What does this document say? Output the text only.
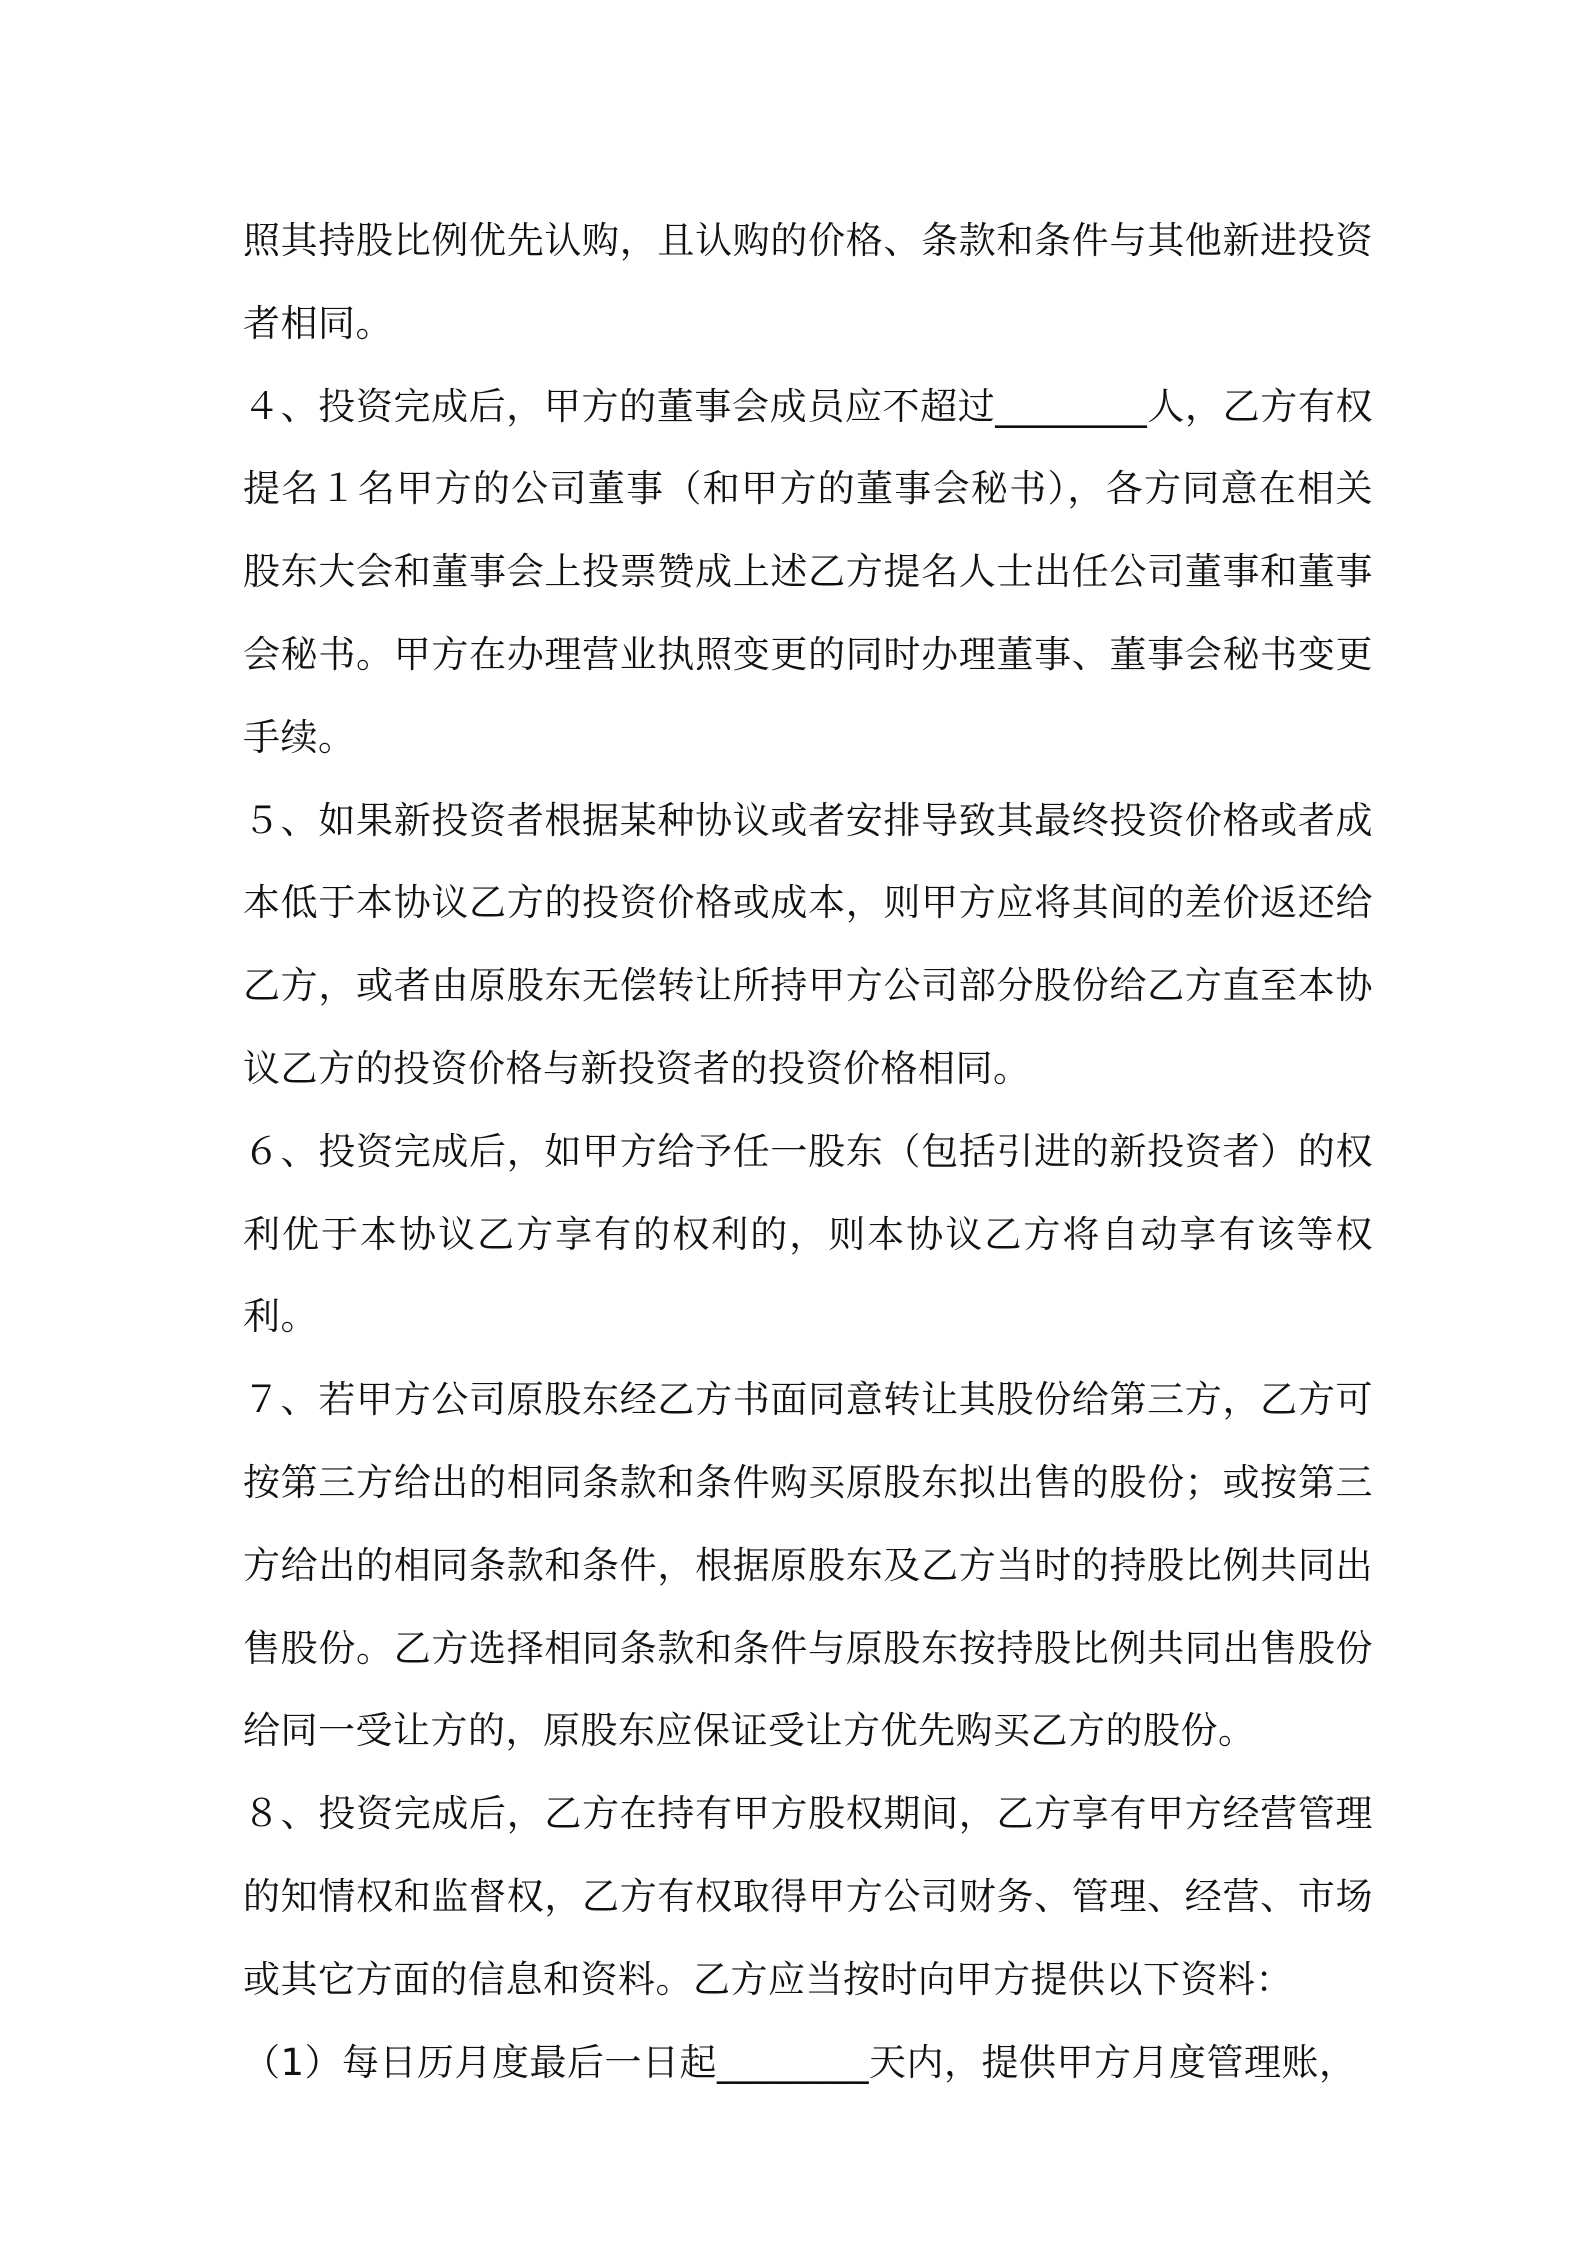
照其持股比例优先认购，且认购的价格、条款和条件与其他新进投资者相同。

４、投资完成后，甲方的董事会成员应不超过________人，乙方有权提名１名甲方的公司董事（和甲方的董事会秘书），各方同意在相关股东大会和董事会上投票赞成上述乙方提名人士出任公司董事和董事会秘书。甲方在办理营业执照变更的同时办理董事、董事会秘书变更手续。

５、如果新投资者根据某种协议或者安排导致其最终投资价格或者成本低于本协议乙方的投资价格或成本，则甲方应将其间的差价返还给乙方，或者由原股东无偿转让所持甲方公司部分股份给乙方直至本协议乙方的投资价格与新投资者的投资价格相同。

６、投资完成后，如甲方给予任一股东（包括引进的新投资者）的权利优于本协议乙方享有的权利的，则本协议乙方将自动享有该等权利。

７、若甲方公司原股东经乙方书面同意转让其股份给第三方，乙方可按第三方给出的相同条款和条件购买原股东拟出售的股份；或按第三方给出的相同条款和条件，根据原股东及乙方当时的持股比例共同出售股份。乙方选择相同条款和条件与原股东按持股比例共同出售股份给同一受让方的，原股东应保证受让方优先购买乙方的股份。

８、投资完成后，乙方在持有甲方股权期间，乙方享有甲方经营管理的知情权和监督权，乙方有权取得甲方公司财务、管理、经营、市场或其它方面的信息和资料。乙方应当按时向甲方提供以下资料：

（1）每日历月度最后一日起________天内，提供甲方月度管理账，
